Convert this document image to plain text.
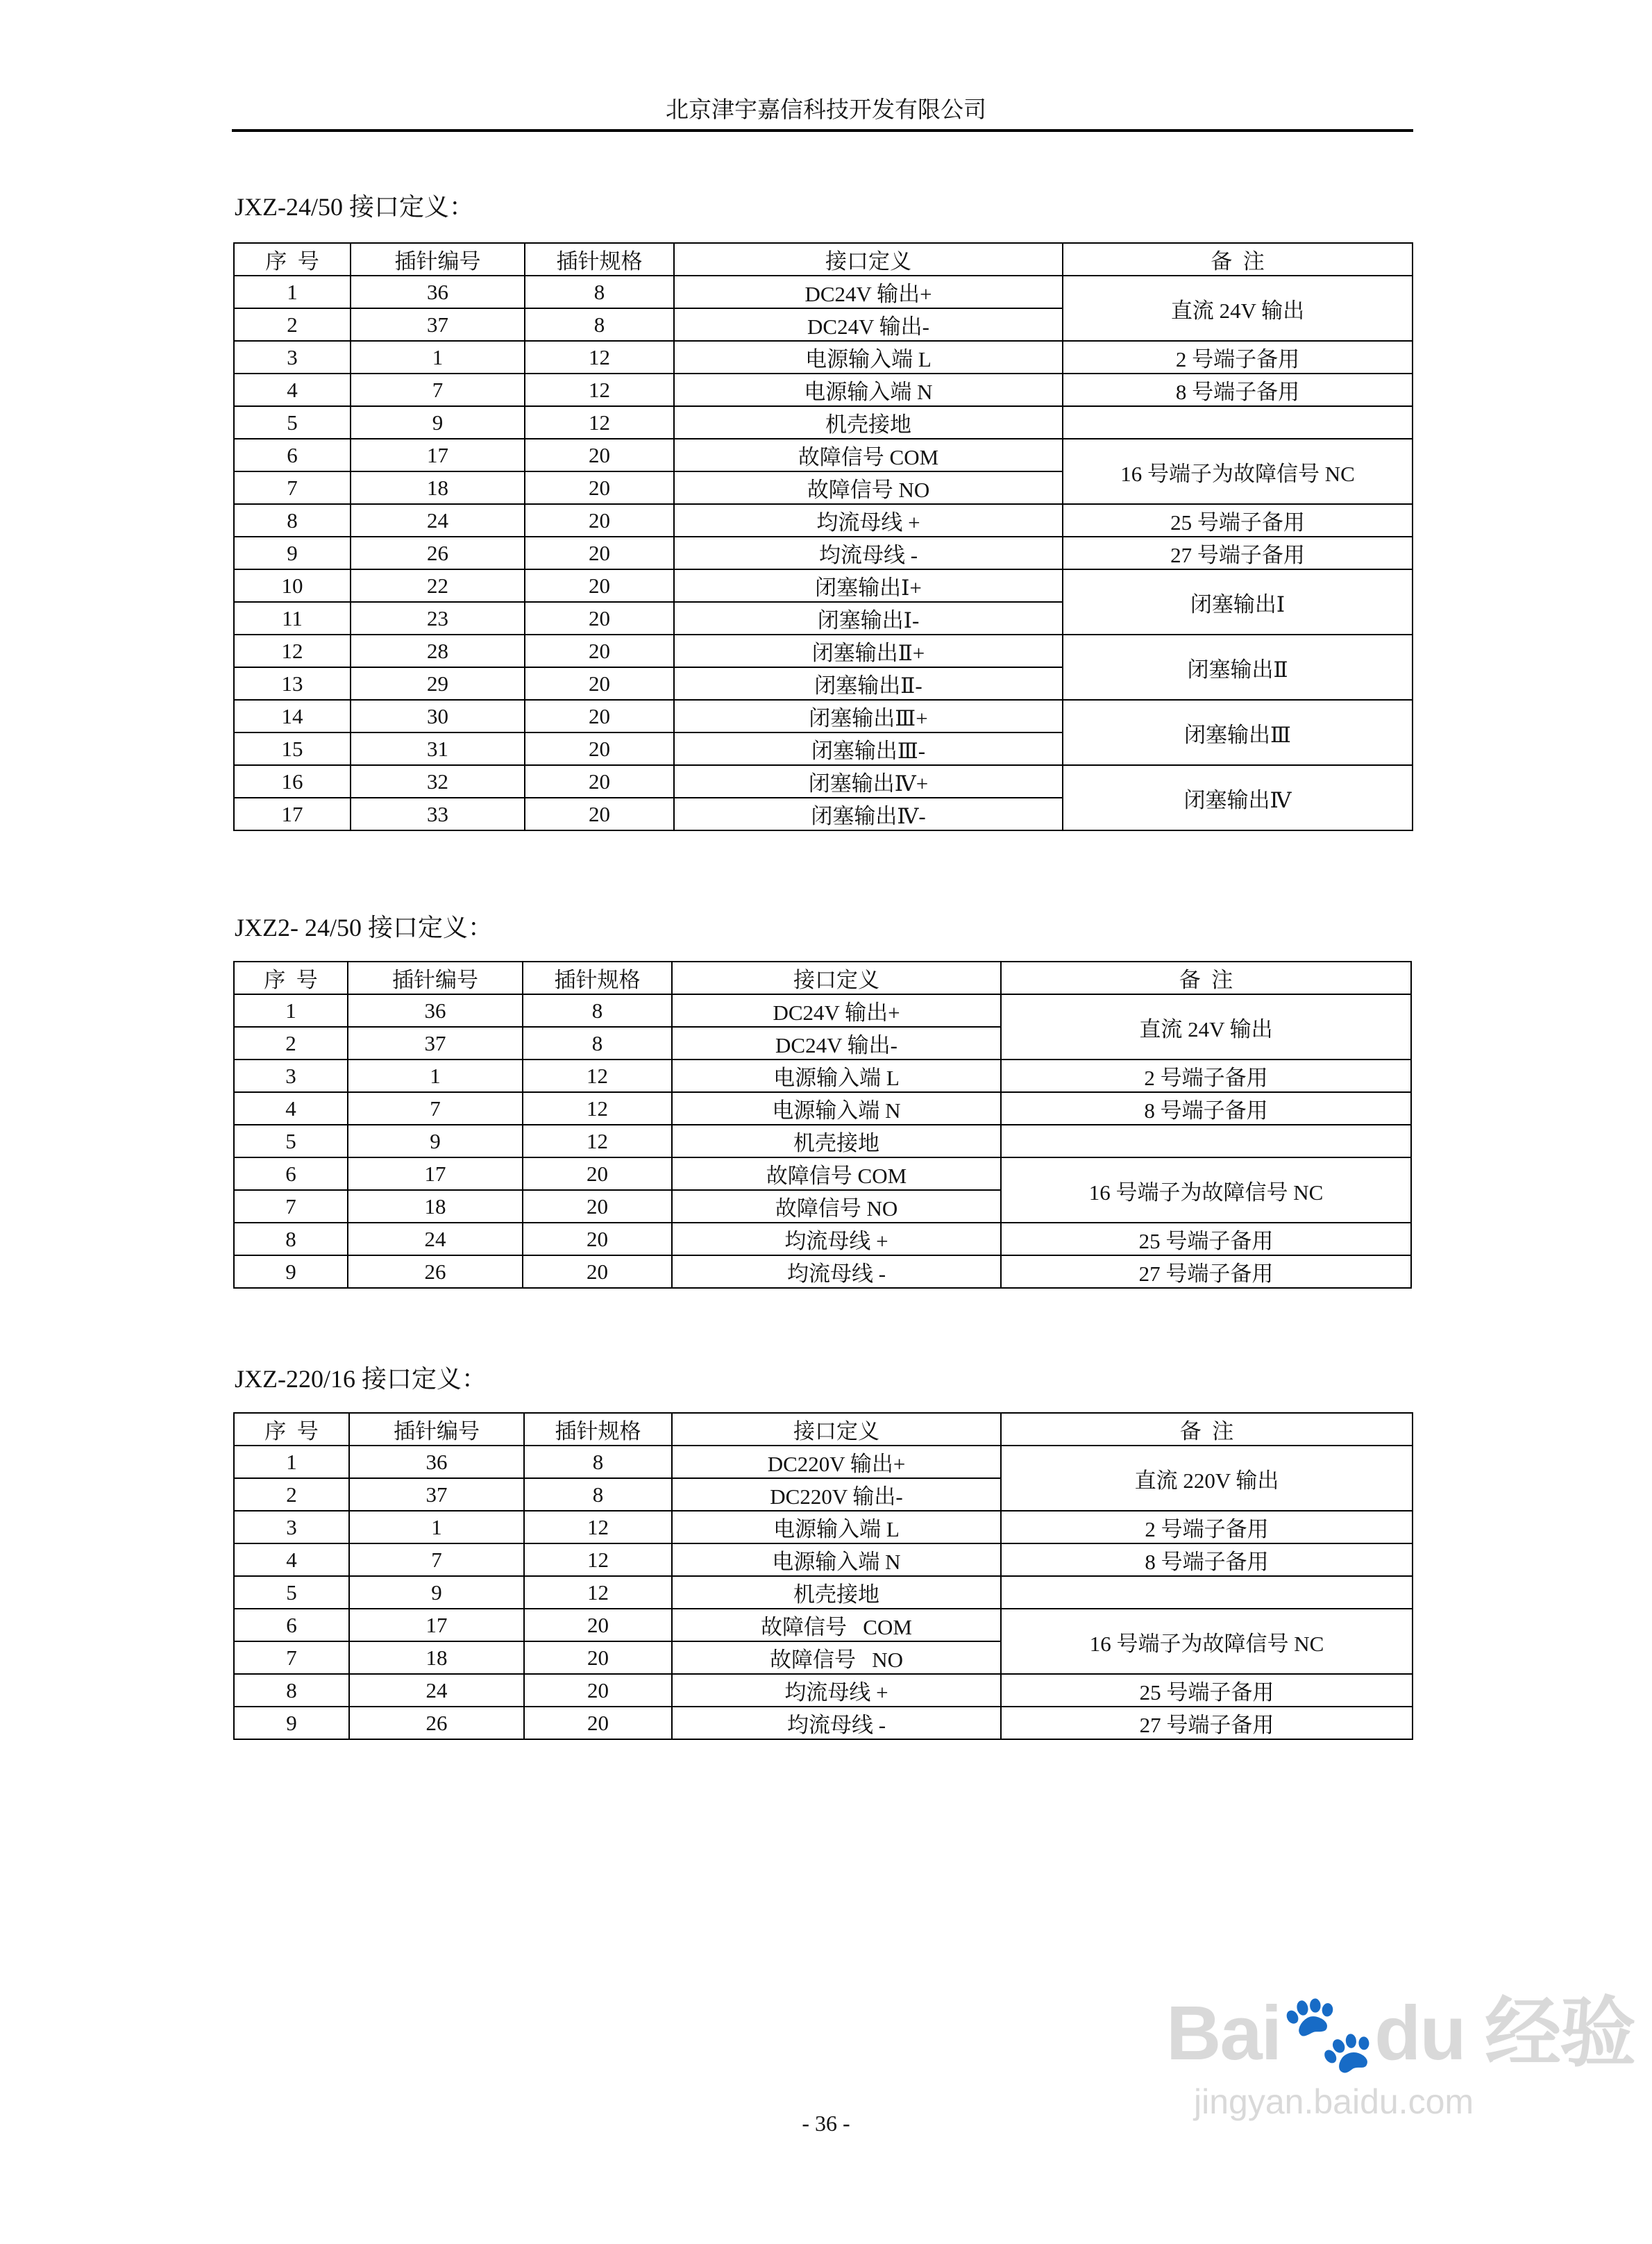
北京津宇嘉信科技开发有限公司
JXZ-24/50 接口定义：
序  号	插针编号	插针规格	接口定义	备  注
1	36	8	DC24V 输出+	直流 24V 输出
2	37	8	DC24V 输出-	
3	1	12	电源输入端 L	2 号端子备用
4	7	12	电源输入端 N	8 号端子备用
5	9	12	机壳接地	
6	17	20	故障信号 COM	16 号端子为故障信号 NC
7	18	20	故障信号 NO	
8	24	20	均流母线 +	25 号端子备用
9	26	20	均流母线 -	27 号端子备用
10	22	20	闭塞输出Ⅰ+	闭塞输出Ⅰ
11	23	20	闭塞输出Ⅰ-	
12	28	20	闭塞输出Ⅱ+	闭塞输出Ⅱ
13	29	20	闭塞输出Ⅱ-	
14	30	20	闭塞输出Ⅲ+	闭塞输出Ⅲ
15	31	20	闭塞输出Ⅲ-	
16	32	20	闭塞输出Ⅳ+	闭塞输出Ⅳ
17	33	20	闭塞输出Ⅳ-	
JXZ2- 24/50 接口定义：
序  号	插针编号	插针规格	接口定义	备  注
1	36	8	DC24V 输出+	直流 24V 输出
2	37	8	DC24V 输出-	
3	1	12	电源输入端 L	2 号端子备用
4	7	12	电源输入端 N	8 号端子备用
5	9	12	机壳接地	
6	17	20	故障信号 COM	16 号端子为故障信号 NC
7	18	20	故障信号 NO	
8	24	20	均流母线 +	25 号端子备用
9	26	20	均流母线 -	27 号端子备用
JXZ-220/16 接口定义：
序  号	插针编号	插针规格	接口定义	备  注
1	36	8	DC220V 输出+	直流 220V 输出
2	37	8	DC220V 输出-	
3	1	12	电源输入端 L	2 号端子备用
4	7	12	电源输入端 N	8 号端子备用
5	9	12	机壳接地	
6	17	20	故障信号   COM	16 号端子为故障信号 NC
7	18	20	故障信号   NO	
8	24	20	均流母线 +	25 号端子备用
9	26	20	均流母线 -	27 号端子备用
- 36 -
Bai🐾du 经验
jingyan.baidu.com
